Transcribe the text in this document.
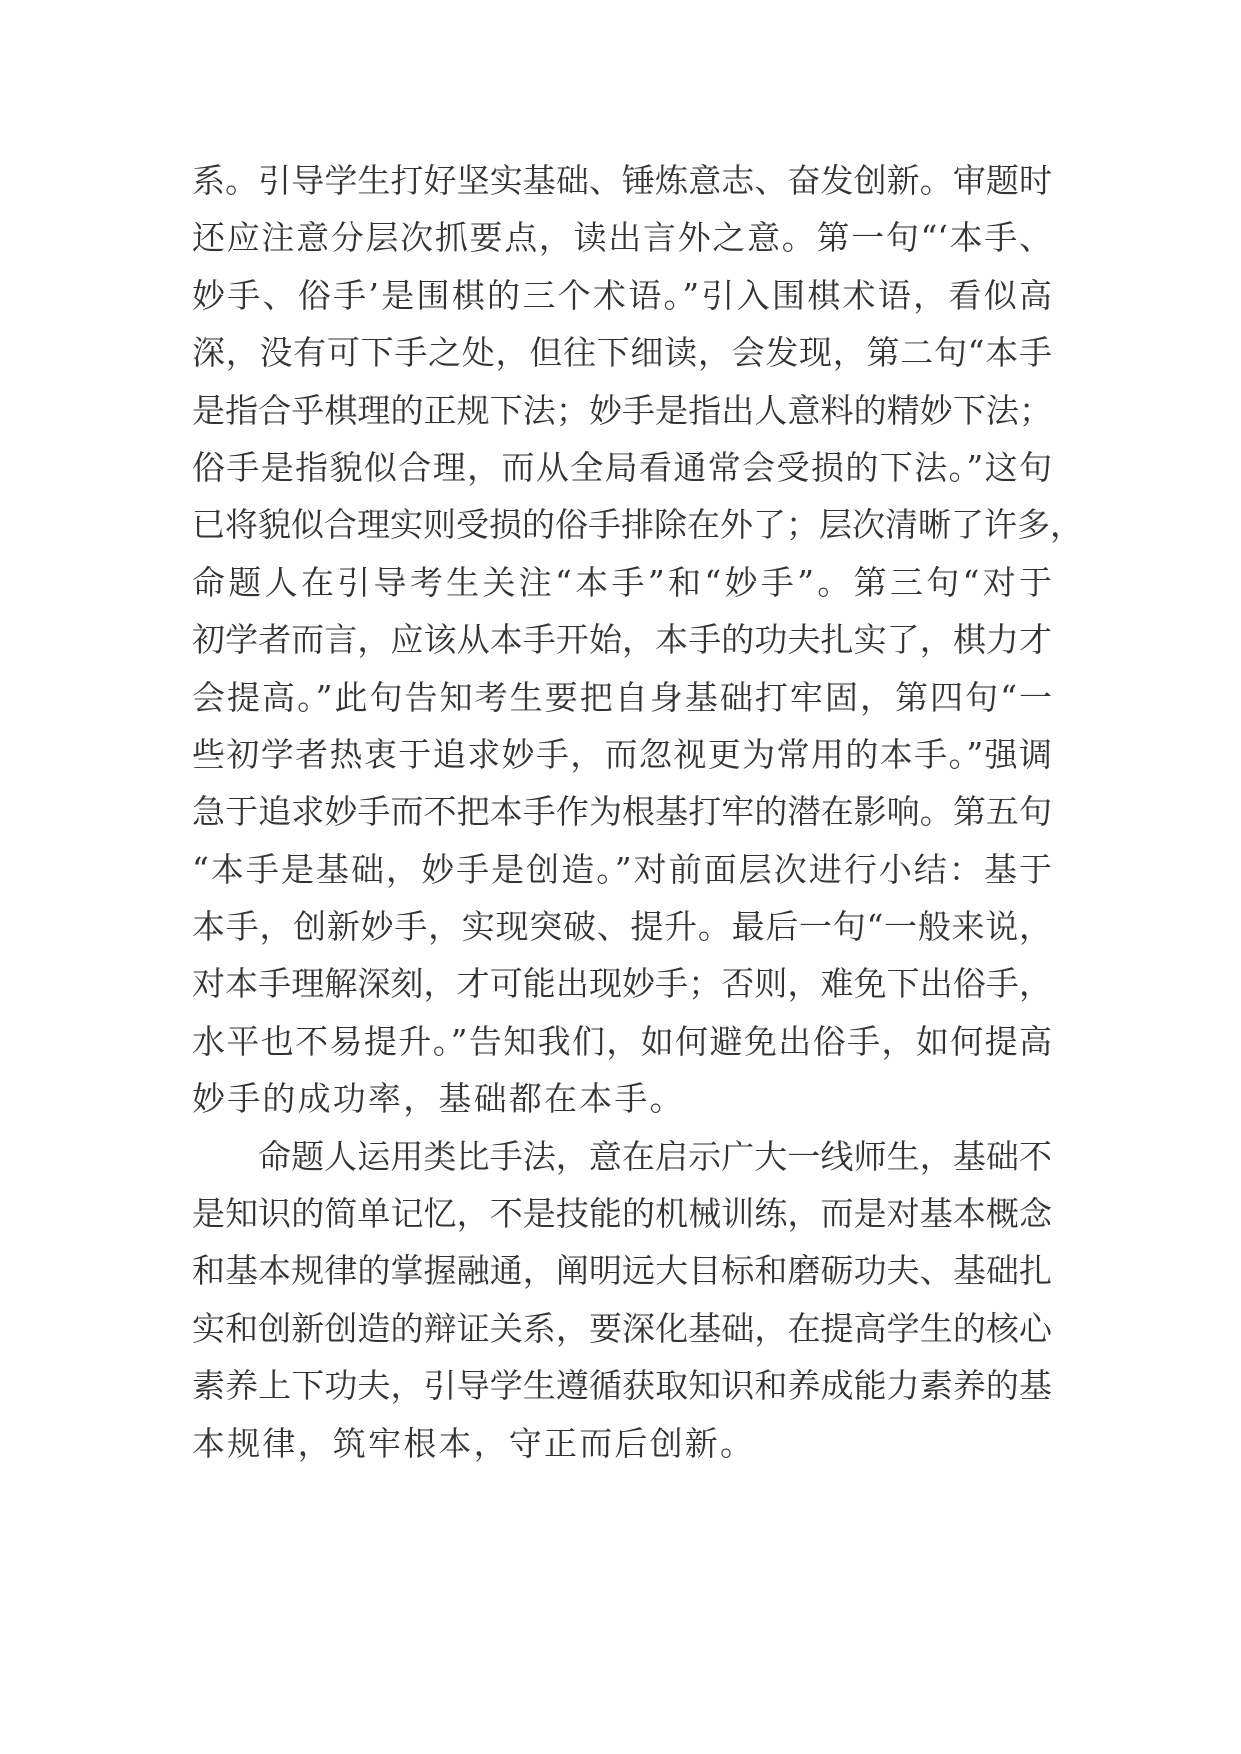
系。引导学生打好坚实基础、锤炼意志、奋发创新。审题时
还应注意分层次抓要点，读出言外之意。第一句“‘本手、
妙手、俗手’是围棋的三个术语。”引入围棋术语，看似高
深，没有可下手之处，但往下细读，会发现，第二句“本手
是指合乎棋理的正规下法；妙手是指出人意料的精妙下法；
俗手是指貌似合理，而从全局看通常会受损的下法。”这句
已将貌似合理实则受损的俗手排除在外了；层次清晰了许多，
命题人在引导考生关注“本手”和“妙手”。第三句“对于
初学者而言，应该从本手开始，本手的功夫扎实了，棋力才
会提高。”此句告知考生要把自身基础打牢固，第四句“一
些初学者热衷于追求妙手，而忽视更为常用的本手。”强调
急于追求妙手而不把本手作为根基打牢的潜在影响。第五句
“本手是基础，妙手是创造。”对前面层次进行小结：基于
本手，创新妙手，实现突破、提升。最后一句“一般来说，
对本手理解深刻，才可能出现妙手；否则，难免下出俗手，
水平也不易提升。”告知我们，如何避免出俗手，如何提高
妙手的成功率，基础都在本手。
命题人运用类比手法，意在启示广大一线师生，基础不
是知识的简单记忆，不是技能的机械训练，而是对基本概念
和基本规律的掌握融通，阐明远大目标和磨砺功夫、基础扎
实和创新创造的辩证关系，要深化基础，在提高学生的核心
素养上下功夫，引导学生遵循获取知识和养成能力素养的基
本规律，筑牢根本，守正而后创新。
